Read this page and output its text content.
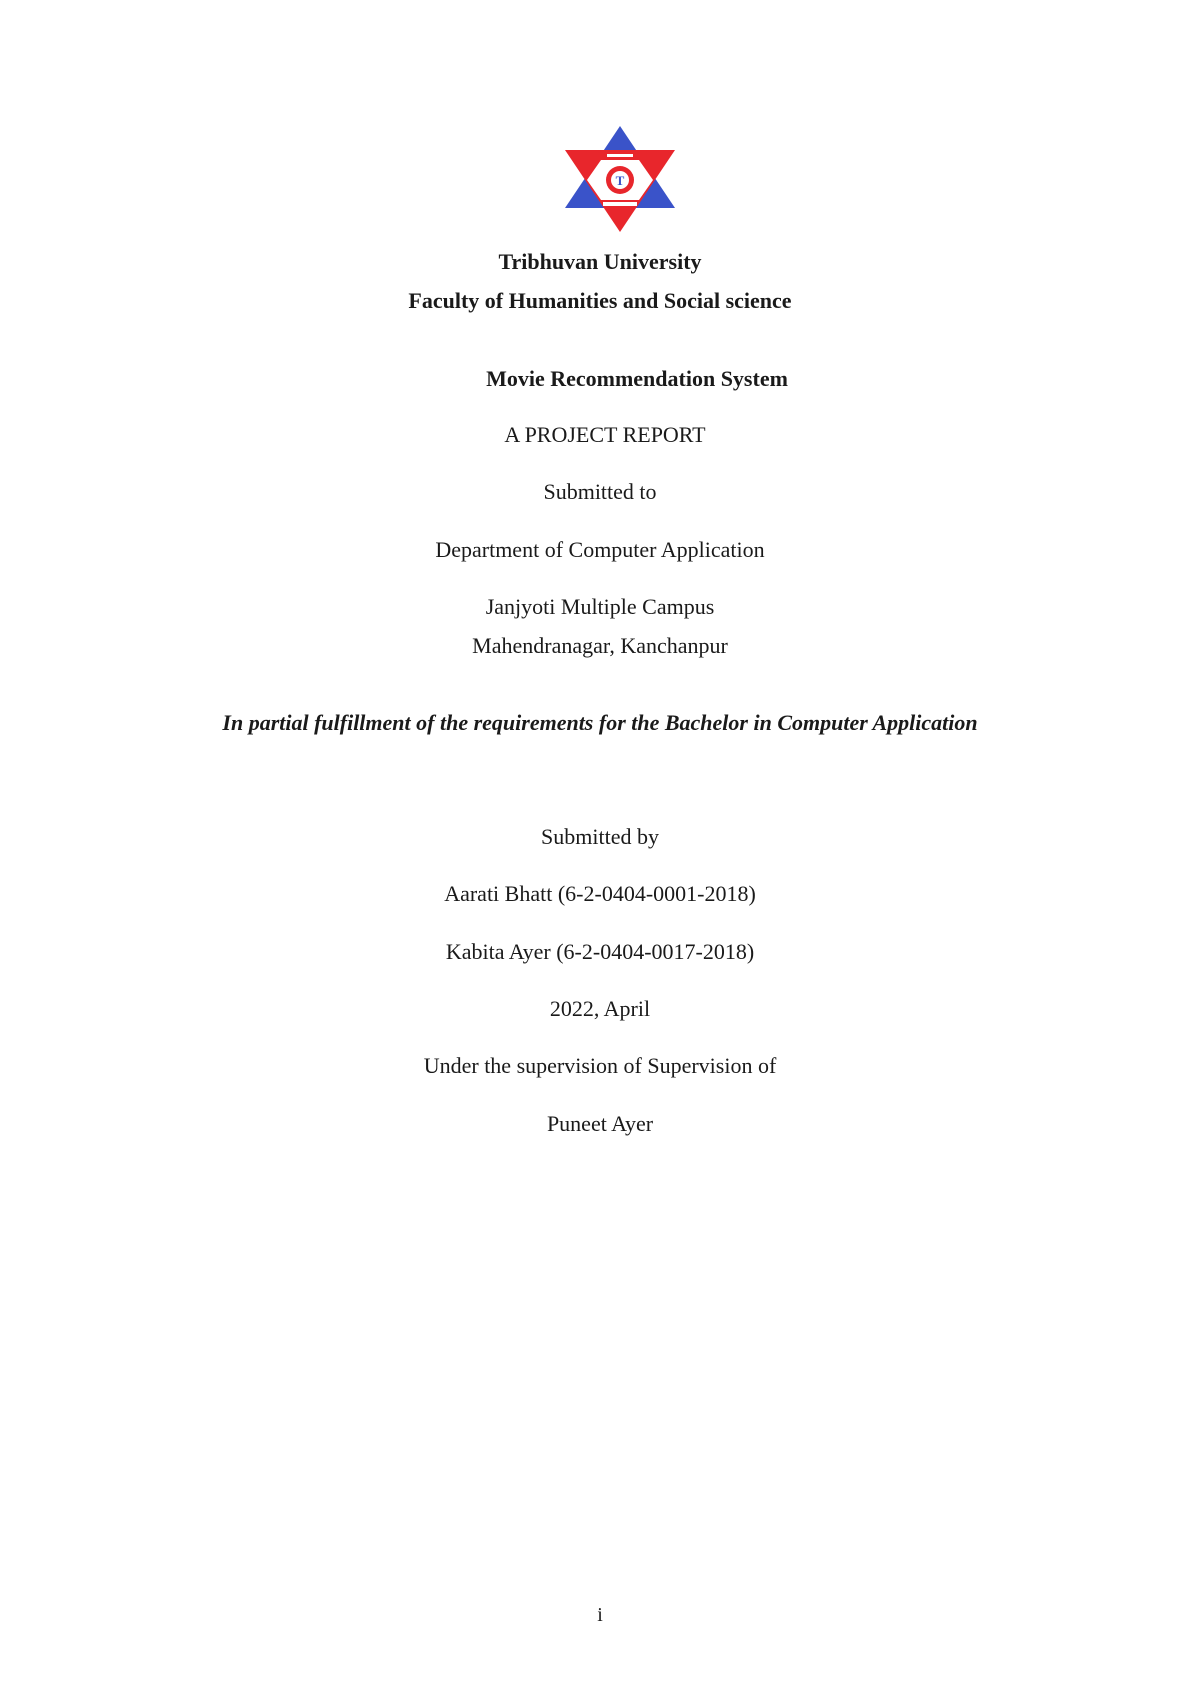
T
Tribhuvan University
Faculty of Humanities and Social science
Movie Recommendation System
A PROJECT REPORT
Submitted to
Department of Computer Application
Janjyoti Multiple Campus
Mahendranagar, Kanchanpur
In partial fulfillment of the requirements for the Bachelor in Computer Application
Submitted by
Aarati Bhatt (6-2-0404-0001-2018)
Kabita Ayer (6-2-0404-0017-2018)
2022, April
Under the supervision of Supervision of
Puneet Ayer
i
